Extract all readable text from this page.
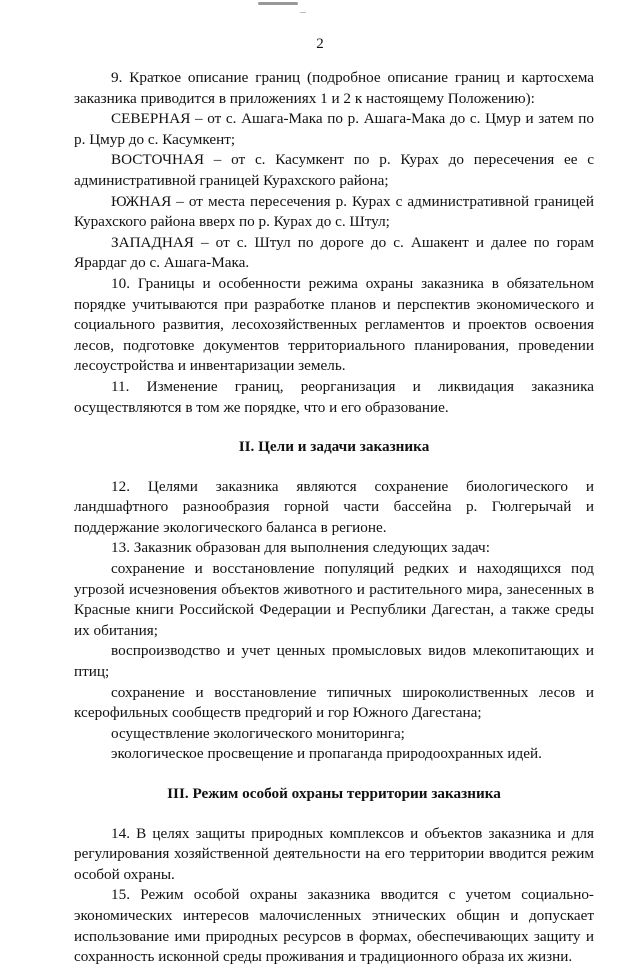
2

9. Краткое описание границ (подробное описание границ и картосхема заказника приводится в приложениях 1 и 2 к настоящему Положению):

СЕВЕРНАЯ – от с. Ашага-Мака по р. Ашага-Мака до с. Цмур и затем по р. Цмур до с. Касумкент;

ВОСТОЧНАЯ – от с. Касумкент по р. Курах до пересечения ее с административной границей Курахского района;

ЮЖНАЯ – от места пересечения р. Курах с административной границей Курахского района вверх по р. Курах до с. Штул;

ЗАПАДНАЯ – от с. Штул по дороге до с. Ашакент и далее по горам Ярардаг до с. Ашага-Мака.

10. Границы и особенности режима охраны заказника в обязательном порядке учитываются при разработке планов и перспектив экономического и социального развития, лесохозяйственных регламентов и проектов освоения лесов, подготовке документов территориального планирования, проведении лесоустройства и инвентаризации земель.

11. Изменение границ, реорганизация и ликвидация заказника осуществляются в том же порядке, что и его образование.

II. Цели и задачи заказника

12. Целями заказника являются сохранение биологического и ландшафтного разнообразия горной части бассейна р. Гюлгерычай и поддержание экологического баланса в регионе.

13. Заказник образован для выполнения следующих задач:

сохранение и восстановление популяций редких и находящихся под угрозой исчезновения объектов животного и растительного мира, занесенных в Красные книги Российской Федерации и Республики Дагестан, а также среды их обитания;

воспроизводство и учет ценных промысловых видов млекопитающих и птиц;

сохранение и восстановление типичных широколиственных лесов и ксерофильных сообществ предгорий и гор Южного Дагестана;

осуществление экологического мониторинга;

экологическое просвещение и пропаганда природоохранных идей.

III. Режим особой охраны территории заказника

14. В целях защиты природных комплексов и объектов заказника и для регулирования хозяйственной деятельности на его территории вводится режим особой охраны.

15. Режим особой охраны заказника вводится с учетом социально-экономических интересов малочисленных этнических общин и допускает использование ими природных ресурсов в формах, обеспечивающих защиту и сохранность исконной среды проживания и традиционного образа их жизни.
